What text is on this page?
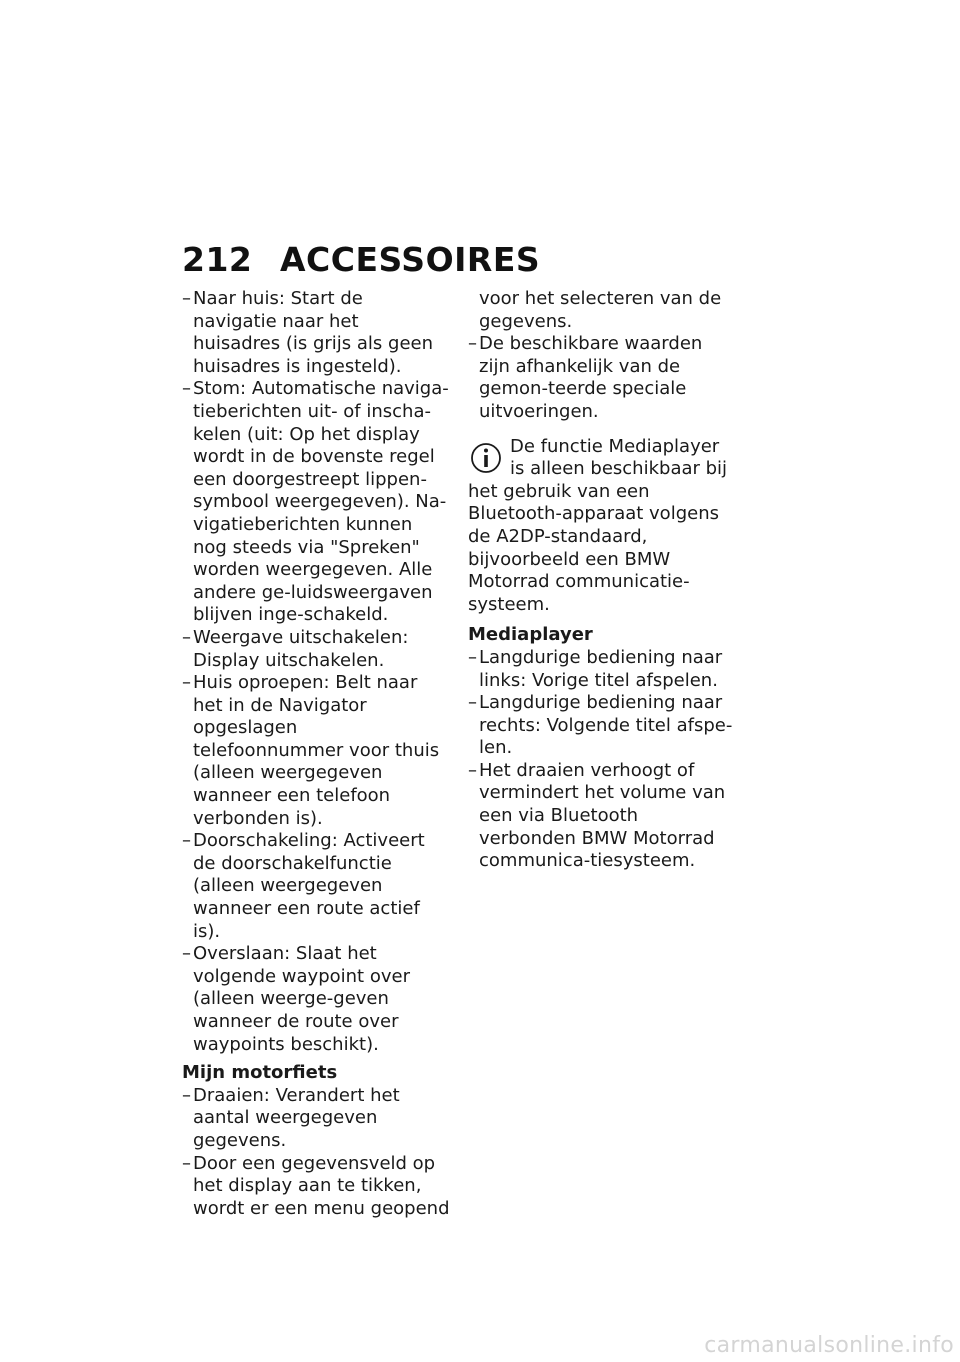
212 ACCESSOIRES
– Naar huis: Start de navigatie naar het huisadres (is grijs als geen huisadres is ingesteld).
– Stom: Automatische naviga-tieberichten uit- of inscha-kelen (uit: Op het display wordt in de bovenste regel een doorgestreept lippen-symbool weergegeven). Na-vigatieberichten kunnen nog steeds via "Spreken" worden weergegeven. Alle andere ge-luidsweergaven blijven inge-schakeld.
– Weergave uitschakelen: Display uitschakelen.
– Huis oproepen: Belt naar het in de Navigator opgeslagen telefoonnummer voor thuis (alleen weergegeven wanneer een telefoon verbonden is).
– Doorschakeling: Activeert de doorschakelfunctie (alleen weergegeven wanneer een route actief is).
– Overslaan: Slaat het volgende waypoint over (alleen weerge-geven wanneer de route over waypoints beschikt).

Mijn motorfiets

– Draaien: Verandert het aantal weergegeven gegevens.
– Door een gegevensveld op het display aan te tikken, wordt er een menu geopend

voor het selecteren van de gegevens.

– De beschikbare waarden zijn afhankelijk van de gemon-teerde speciale uitvoeringen.

De functie Mediaplayer is alleen beschikbaar bij het gebruik van een Bluetooth-apparaat volgens de A2DP-standaard, bijvoorbeeld een BMW Motorrad communicatie-systeem.

Mediaplayer

– Langdurige bediening naar links: Vorige titel afspelen.
– Langdurige bediening naar rechts: Volgende titel afspe-len.
– Het draaien verhoogt of vermindert het volume van een via Bluetooth verbonden BMW Motorrad communica-tiesysteem.
carmanualsonline.info
